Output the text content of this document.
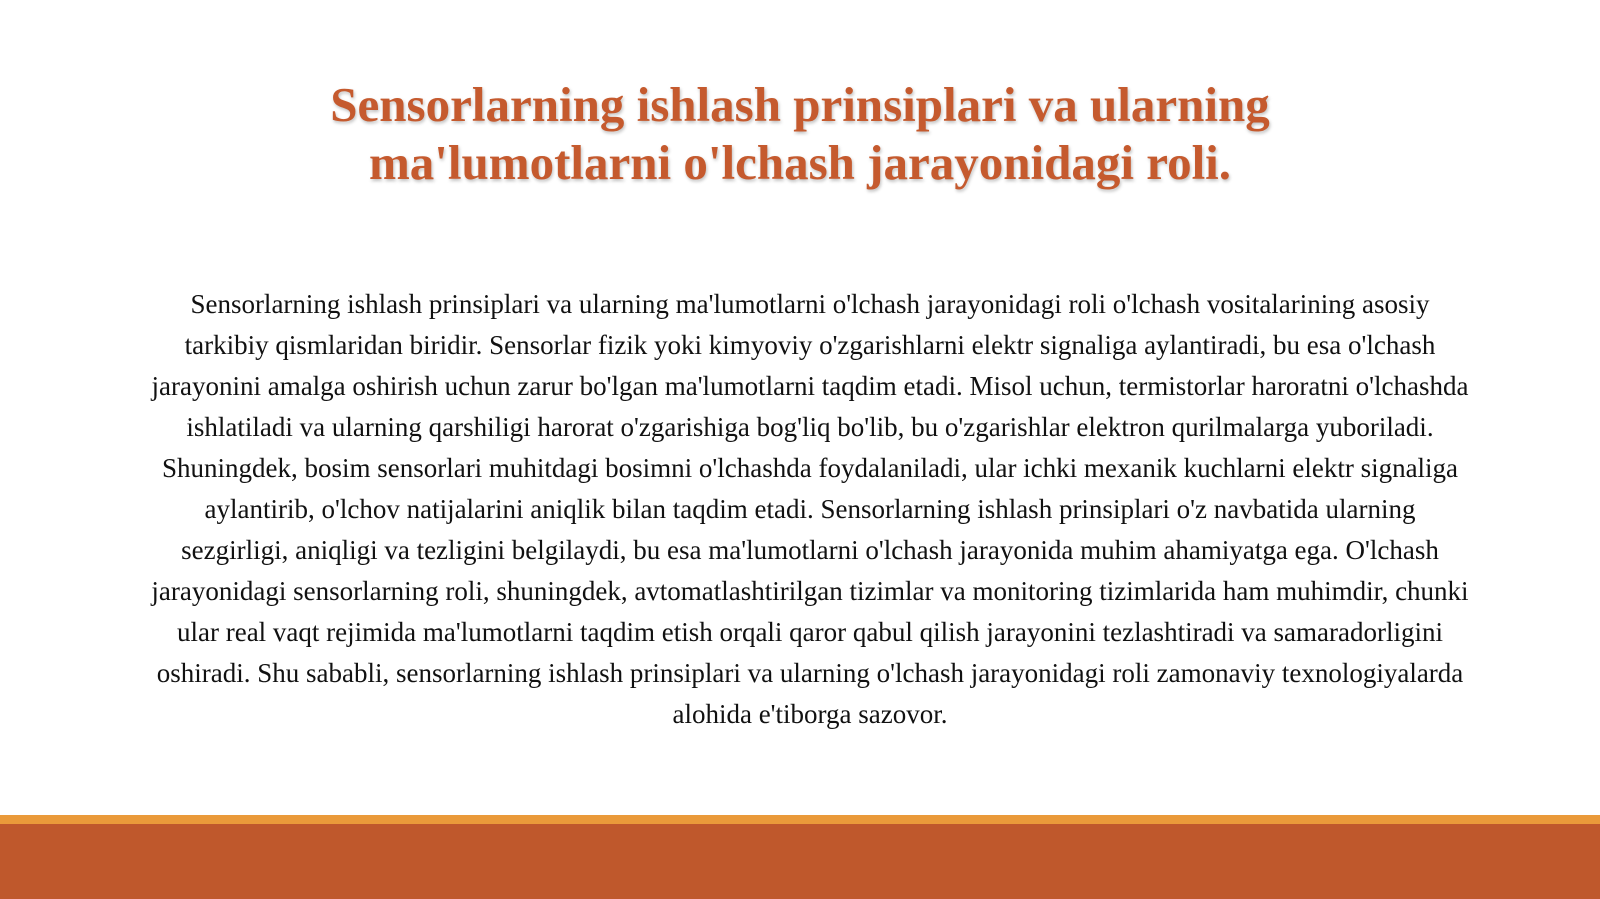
Sensorlarning ishlash prinsiplari va ularning ma'lumotlarni o'lchash jarayonidagi roli.

Sensorlarning ishlash prinsiplari va ularning ma'lumotlarni o'lchash jarayonidagi roli o'lchash vositalarining asosiy tarkibiy qismlaridan biridir. Sensorlar fizik yoki kimyoviy o'zgarishlarni elektr signaliga aylantiradi, bu esa o'lchash jarayonini amalga oshirish uchun zarur bo'lgan ma'lumotlarni taqdim etadi. Misol uchun, termistorlar haroratni o'lchashda ishlatiladi va ularning qarshiligi harorat o'zgarishiga bog'liq bo'lib, bu o'zgarishlar elektron qurilmalarga yuboriladi. Shuningdek, bosim sensorlari muhitdagi bosimni o'lchashda foydalaniladi, ular ichki mexanik kuchlarni elektr signaliga aylantirib, o'lchov natijalarini aniqlik bilan taqdim etadi. Sensorlarning ishlash prinsiplari o'z navbatida ularning sezgirligi, aniqligi va tezligini belgilaydi, bu esa ma'lumotlarni o'lchash jarayonida muhim ahamiyatga ega. O'lchash jarayonidagi sensorlarning roli, shuningdek, avtomatlashtirilgan tizimlar va monitoring tizimlarida ham muhimdir, chunki ular real vaqt rejimida ma'lumotlarni taqdim etish orqali qaror qabul qilish jarayonini tezlashtiradi va samaradorligini oshiradi. Shu sababli, sensorlarning ishlash prinsiplari va ularning o'lchash jarayonidagi roli zamonaviy texnologiyalarda alohida e'tiborga sazovor.
